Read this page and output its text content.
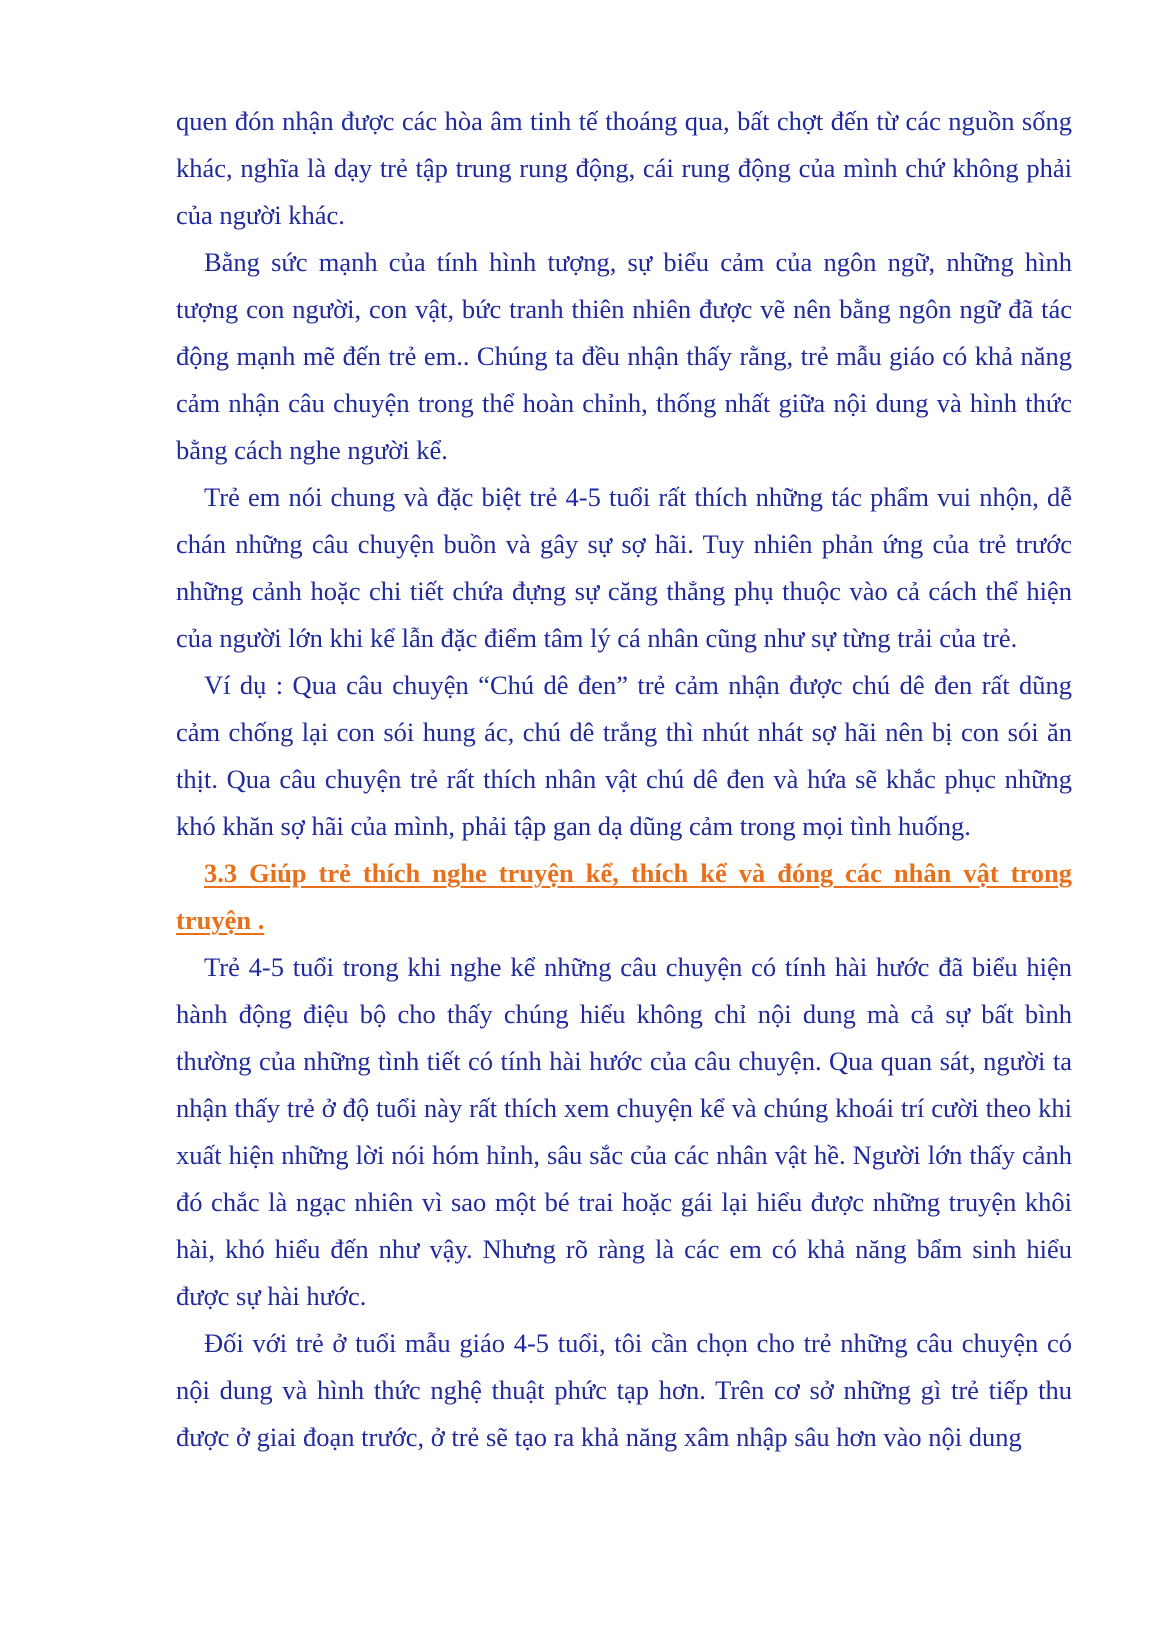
quen đón nhận được các hòa âm tinh tế thoáng qua, bất chợt đến từ các nguồn sống khác, nghĩa là dạy trẻ tập trung rung động, cái rung động của mình chứ không phải của người khác.

Bằng sức mạnh của tính hình tượng, sự biểu cảm của ngôn ngữ, những hình tượng con người, con vật, bức tranh thiên nhiên được vẽ nên bằng ngôn ngữ đã tác động mạnh mẽ đến trẻ em.. Chúng ta đều nhận thấy rằng, trẻ mẫu giáo có khả năng cảm nhận câu chuyện trong thể hoàn chỉnh, thống nhất giữa nội dung và hình thức bằng cách nghe người kể.

Trẻ em nói chung và đặc biệt trẻ 4-5 tuổi rất thích những tác phẩm vui nhộn, dễ chán những câu chuyện buồn và gây sự sợ hãi. Tuy nhiên phản ứng của trẻ trước những cảnh hoặc chi tiết chứa đựng sự căng thẳng phụ thuộc vào cả cách thể hiện của người lớn khi kể lẫn đặc điểm tâm lý cá nhân cũng như sự từng trải của trẻ.

Ví dụ : Qua câu chuyện “Chú dê đen” trẻ cảm nhận được chú dê đen rất dũng cảm chống lại con sói hung ác, chú dê trắng thì nhút nhát sợ hãi nên bị con sói ăn thịt. Qua câu chuyện trẻ rất thích nhân vật chú dê đen và hứa sẽ khắc phục những khó khăn sợ hãi của mình, phải tập gan dạ dũng cảm trong mọi tình huống.

3.3 Giúp trẻ thích nghe truyện kể, thích kể và đóng các nhân vật trong truyện .

Trẻ 4-5 tuổi trong khi nghe kể những câu chuyện có tính hài hước đã biểu hiện hành động điệu bộ cho thấy chúng hiểu không chỉ nội dung mà cả sự bất bình thường của những tình tiết có tính hài hước của câu chuyện. Qua quan sát, người ta nhận thấy trẻ ở độ tuổi này rất thích xem chuyện kể và chúng khoái trí cười theo khi xuất hiện những lời nói hóm hỉnh, sâu sắc của các nhân vật hề. Người lớn thấy cảnh đó chắc là ngạc nhiên vì sao một bé trai hoặc gái lại hiểu được những truyện khôi hài, khó hiểu đến như vậy. Nhưng rõ ràng là các em có khả năng bẩm sinh hiểu được sự hài hước.

Đối với trẻ ở tuổi mẫu giáo 4-5 tuổi, tôi cần chọn cho trẻ những câu chuyện có nội dung và hình thức nghệ thuật phức tạp hơn. Trên cơ sở những gì trẻ tiếp thu được ở giai đoạn trước, ở trẻ sẽ tạo ra khả năng xâm nhập sâu hơn vào nội dung
